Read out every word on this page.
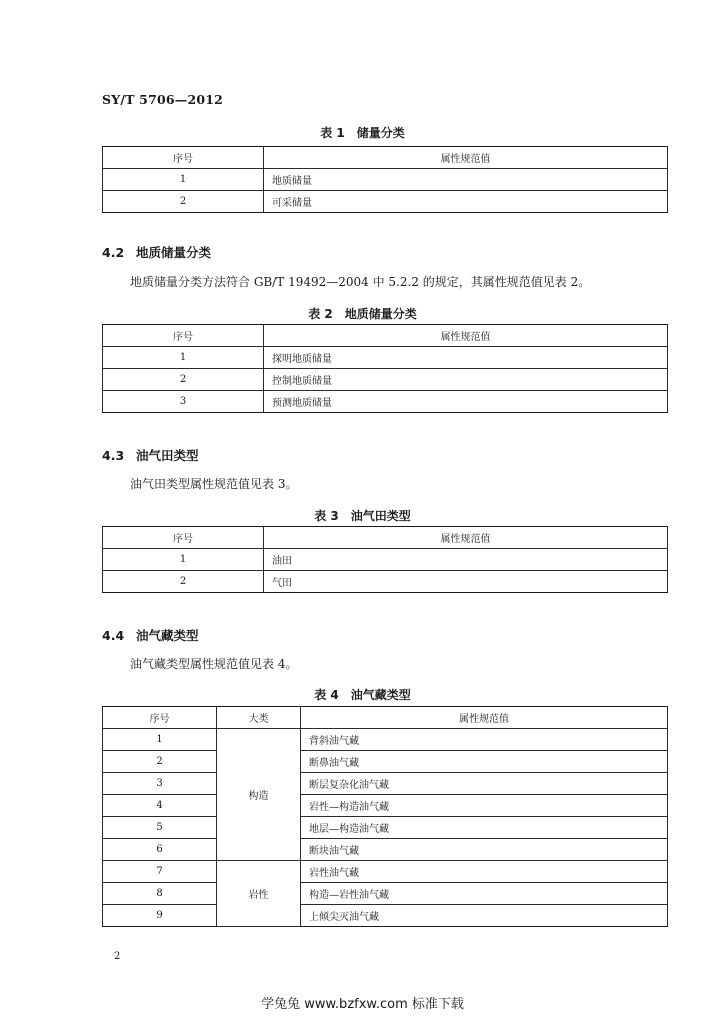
SY/T 5706—2012
表 1　储量分类
序号	属性规范值
1	地质储量
2	可采储量
4.2 地质储量分类
地质储量分类方法符合 GB/T 19492—2004 中 5.2.2 的规定，其属性规范值见表 2。
表 2　地质储量分类
序号	属性规范值
1	探明地质储量
2	控制地质储量
3	预测地质储量
4.3 油气田类型
油气田类型属性规范值见表 3。
表 3　油气田类型
序号	属性规范值
1	油田
2	气田
4.4 油气藏类型
油气藏类型属性规范值见表 4。
表 4　油气藏类型
序号	大类	属性规范值
1	构造	背斜油气藏
2		断鼻油气藏
3		断层复杂化油气藏
4		岩性—构造油气藏
5		地层—构造油气藏
6		断块油气藏
7	岩性	岩性油气藏
8		构造—岩性油气藏
9		上倾尖灭油气藏
2
学兔兔 www.bzfxw.com 标准下载
